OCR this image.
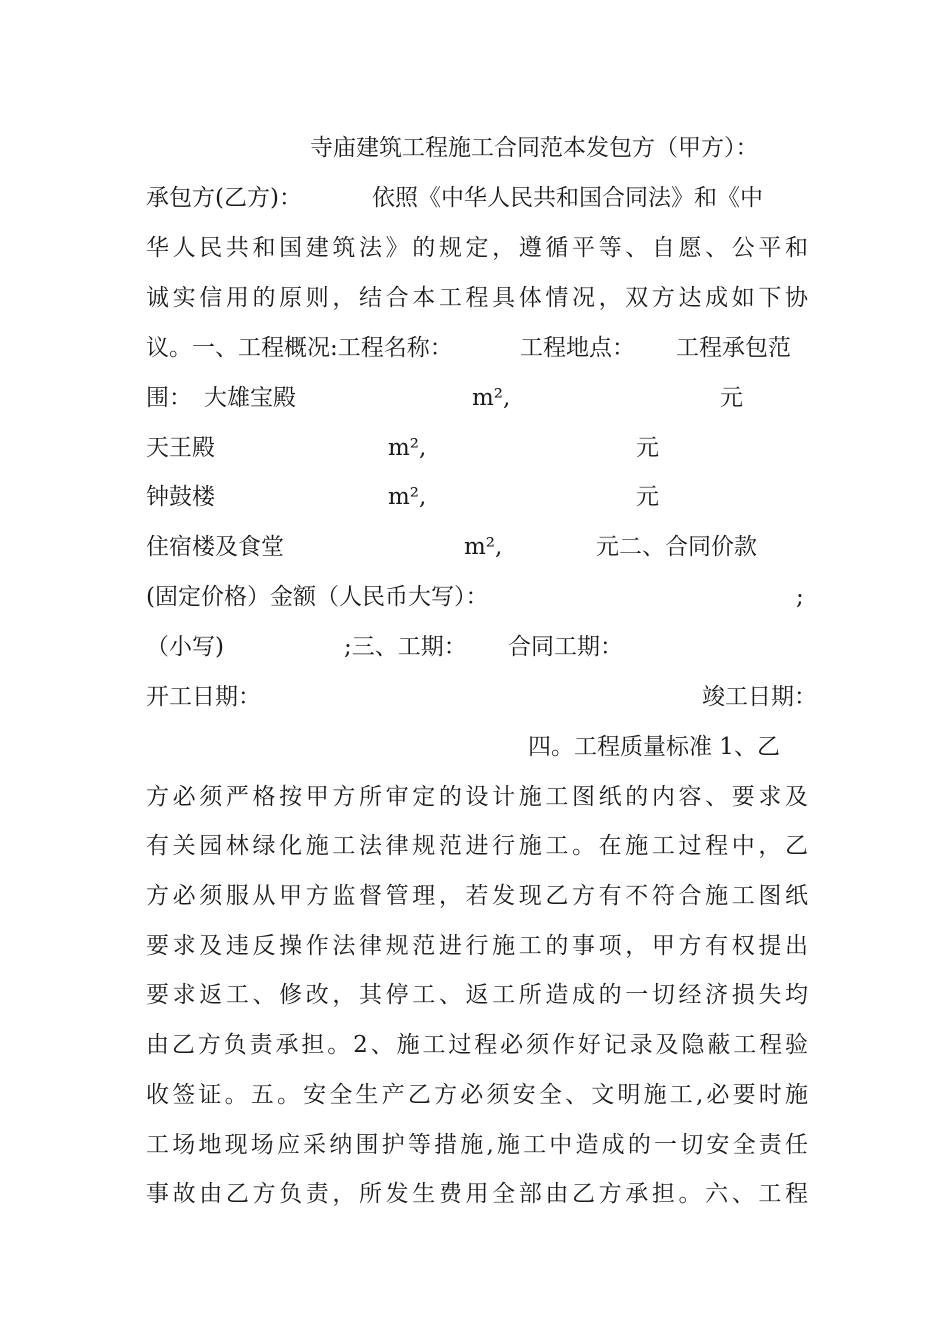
寺庙建筑工程施工合同范本发包方（甲方）：
承包方(乙方)：	依照《中华人民共和国合同法》和《中
华人民共和国建筑法》的规定，遵循平等、自愿、公平和
诚实信用的原则，结合本工程具体情况，双方达成如下协
议。一、工程概况:工程名称：	工程地点： 工程承包范
围： 大雄宝殿	m²,	元
天王殿	m²,	元
钟鼓楼	m²,	元
住宿楼及食堂	m²,	元二、合同价款
(固定价格）金额（人民币大写）：	;
（小写)	;三、工期： 合同工期：
开工日期：	竣工日期：
四。工程质量标准 1、乙
方必须严格按甲方所审定的设计施工图纸的内容、要求及
有关园林绿化施工法律规范进行施工。在施工过程中，乙
方必须服从甲方监督管理，若发现乙方有不符合施工图纸
要求及违反操作法律规范进行施工的事项，甲方有权提出
要求返工、修改，其停工、返工所造成的一切经济损失均
由乙方负责承担。2、施工过程必须作好记录及隐蔽工程验
收签证。五。安全生产乙方必须安全、文明施工,必要时施
工场地现场应采纳围护等措施,施工中造成的一切安全责任
事故由乙方负责，所发生费用全部由乙方承担。六、工程
